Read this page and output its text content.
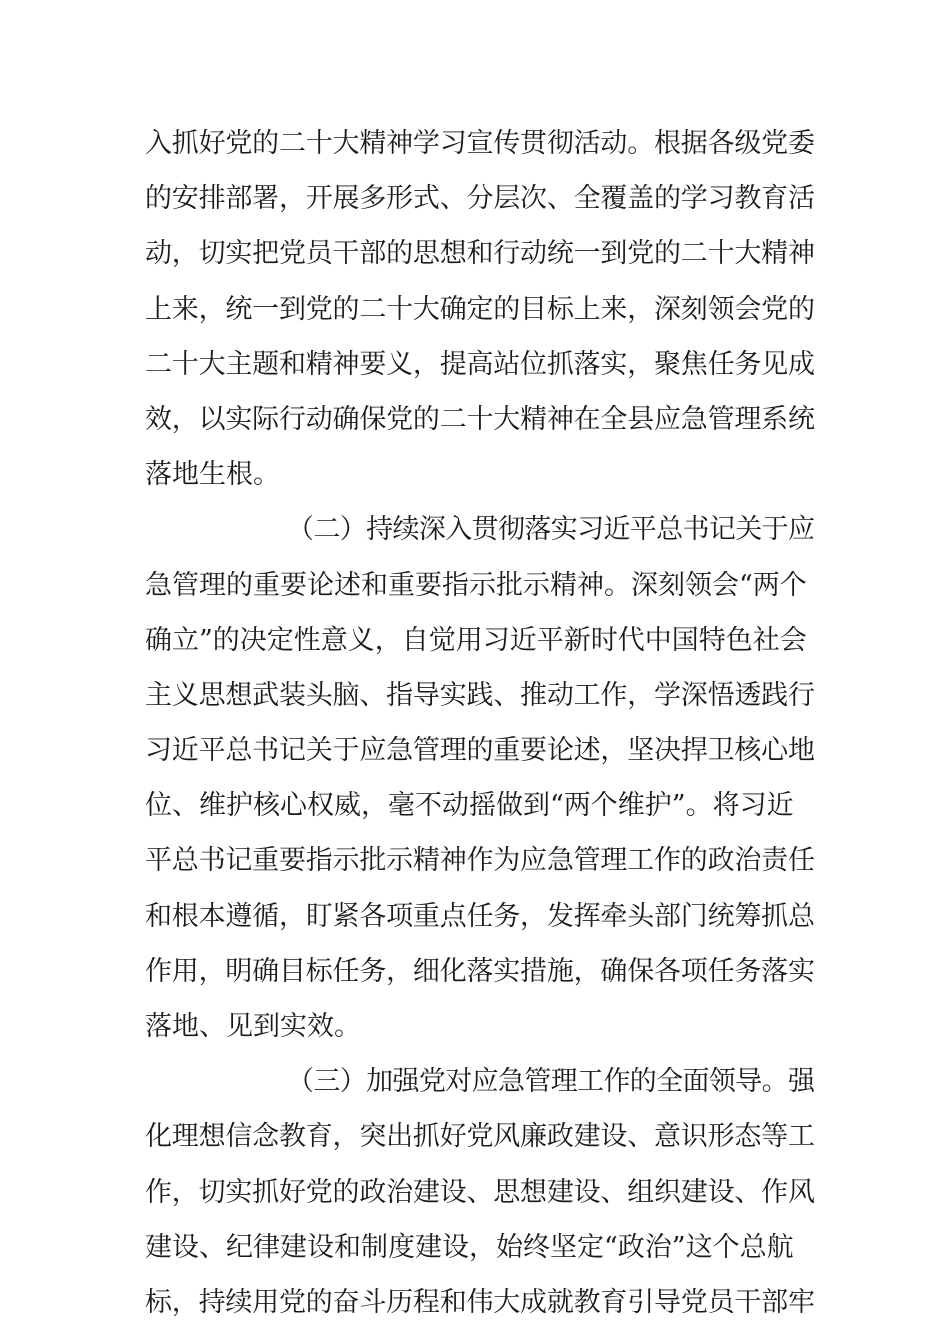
入抓好党的二十大精神学习宣传贯彻活动。根据各级党委
的安排部署，开展多形式、分层次、全覆盖的学习教育活
动，切实把党员干部的思想和行动统一到党的二十大精神
上来，统一到党的二十大确定的目标上来，深刻领会党的
二十大主题和精神要义，提高站位抓落实，聚焦任务见成
效，以实际行动确保党的二十大精神在全县应急管理系统
落地生根。
（二）持续深入贯彻落实习近平总书记关于应
急管理的重要论述和重要指示批示精神。深刻领会“两个
确立”的决定性意义，自觉用习近平新时代中国特色社会
主义思想武装头脑、指导实践、推动工作，学深悟透践行
习近平总书记关于应急管理的重要论述，坚决捍卫核心地
位、维护核心权威，毫不动摇做到“两个维护”。将习近
平总书记重要指示批示精神作为应急管理工作的政治责任
和根本遵循，盯紧各项重点任务，发挥牵头部门统筹抓总
作用，明确目标任务，细化落实措施，确保各项任务落实
落地、见到实效。
（三）加强党对应急管理工作的全面领导。强
化理想信念教育，突出抓好党风廉政建设、意识形态等工
作，切实抓好党的政治建设、思想建设、组织建设、作风
建设、纪律建设和制度建设，始终坚定“政治”这个总航
标，持续用党的奋斗历程和伟大成就教育引导党员干部牢
